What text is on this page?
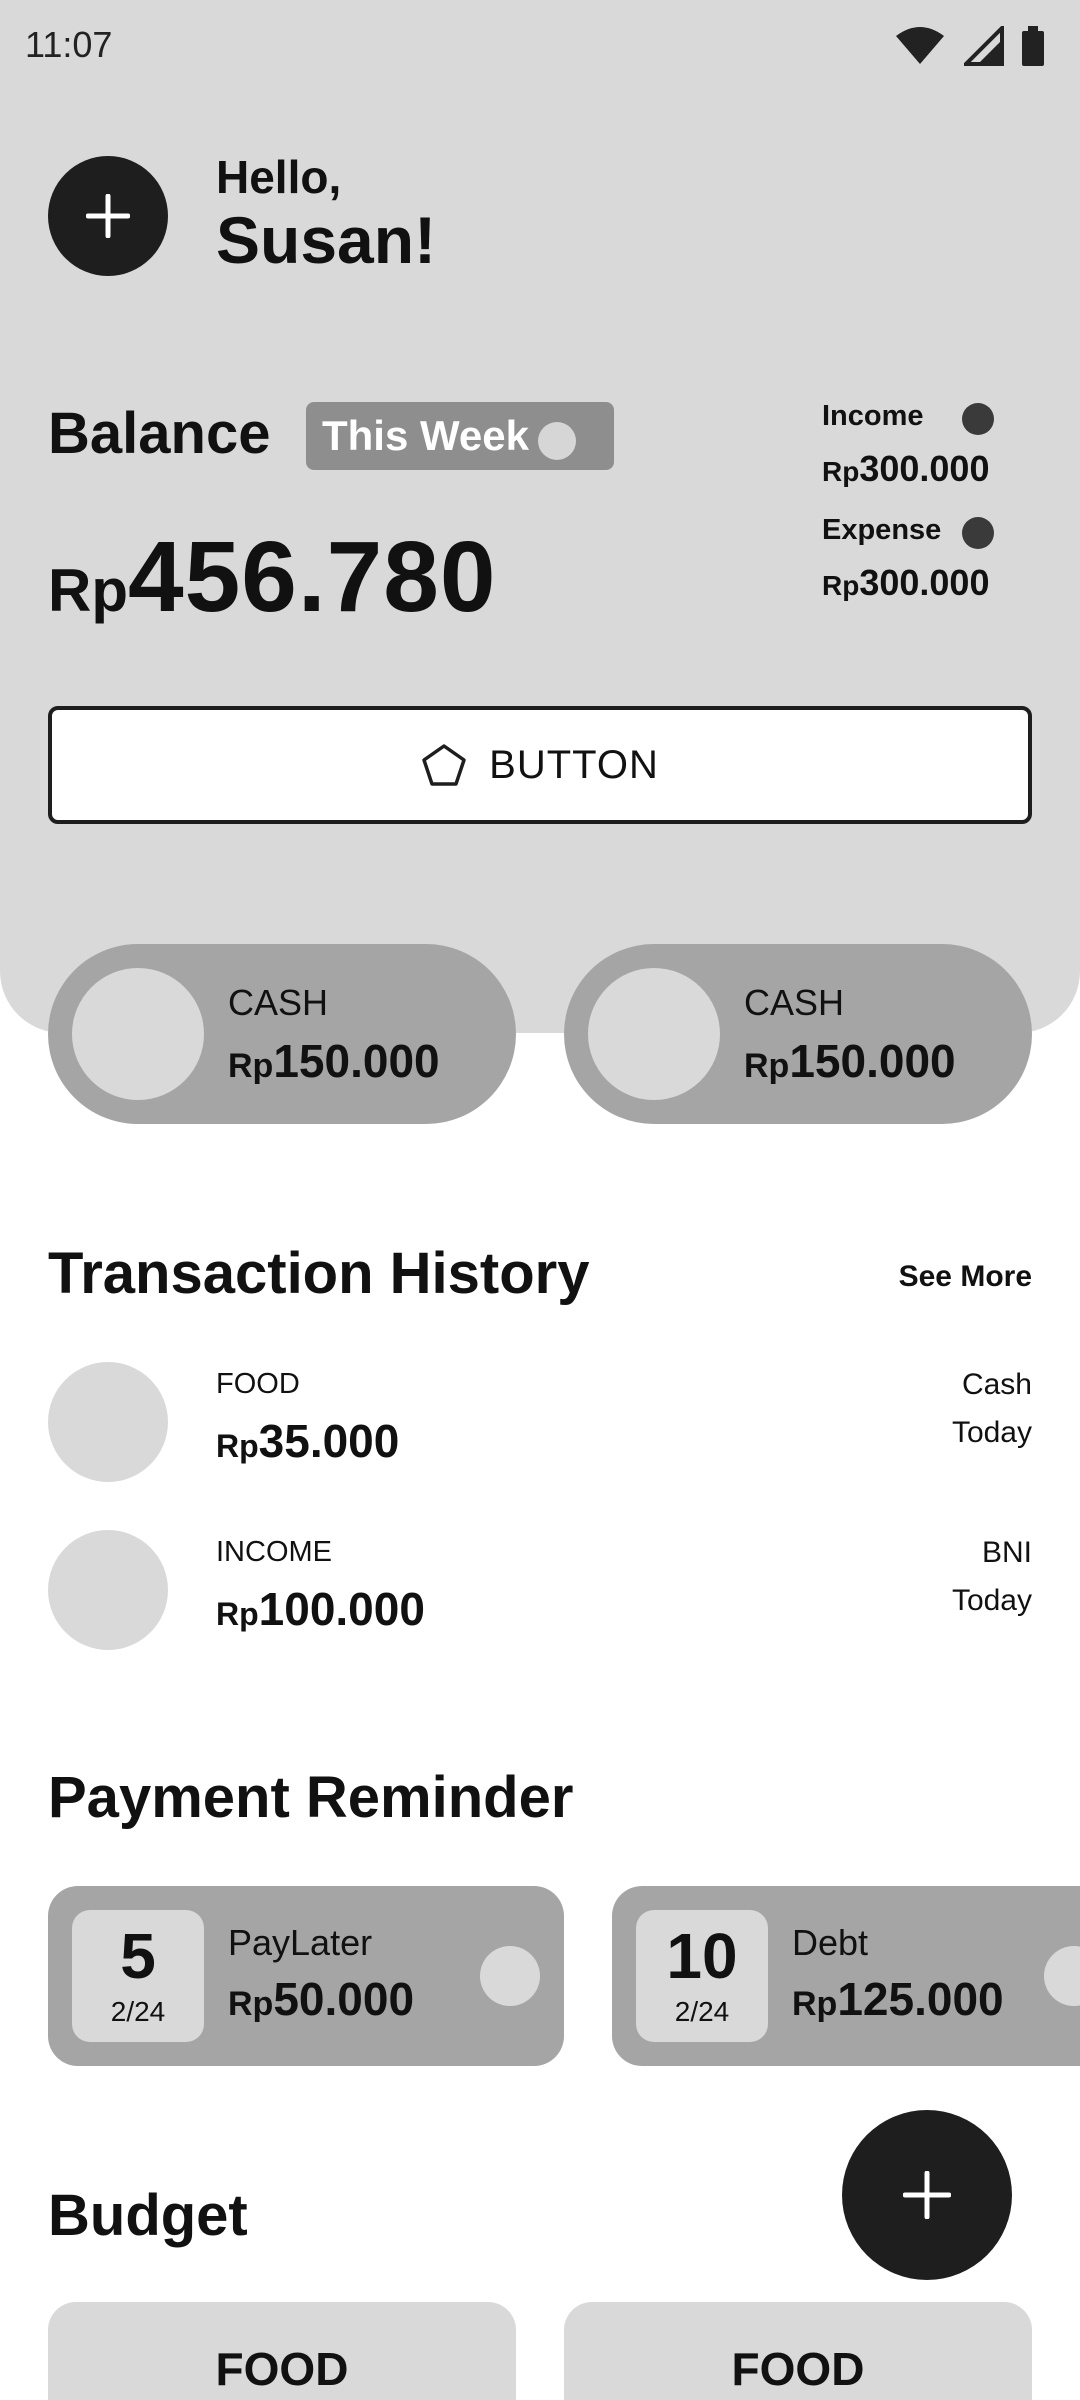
11:07
Hello,
Susan!
Balance This Week
Rp 456.780
Income
Rp 300.000
Expense
Rp 300.000
BUTTON
CASH
Rp 150.000
CASH
Rp 150.000
Transaction History	See More
FOOD
Rp 35.000
Cash
Today
INCOME
Rp 100.000
BNI
Today
Payment Reminder
5
2/24
PayLater
Rp 50.000
10
2/24
Debt
Rp 125.000
Budget
FOOD	FOOD
